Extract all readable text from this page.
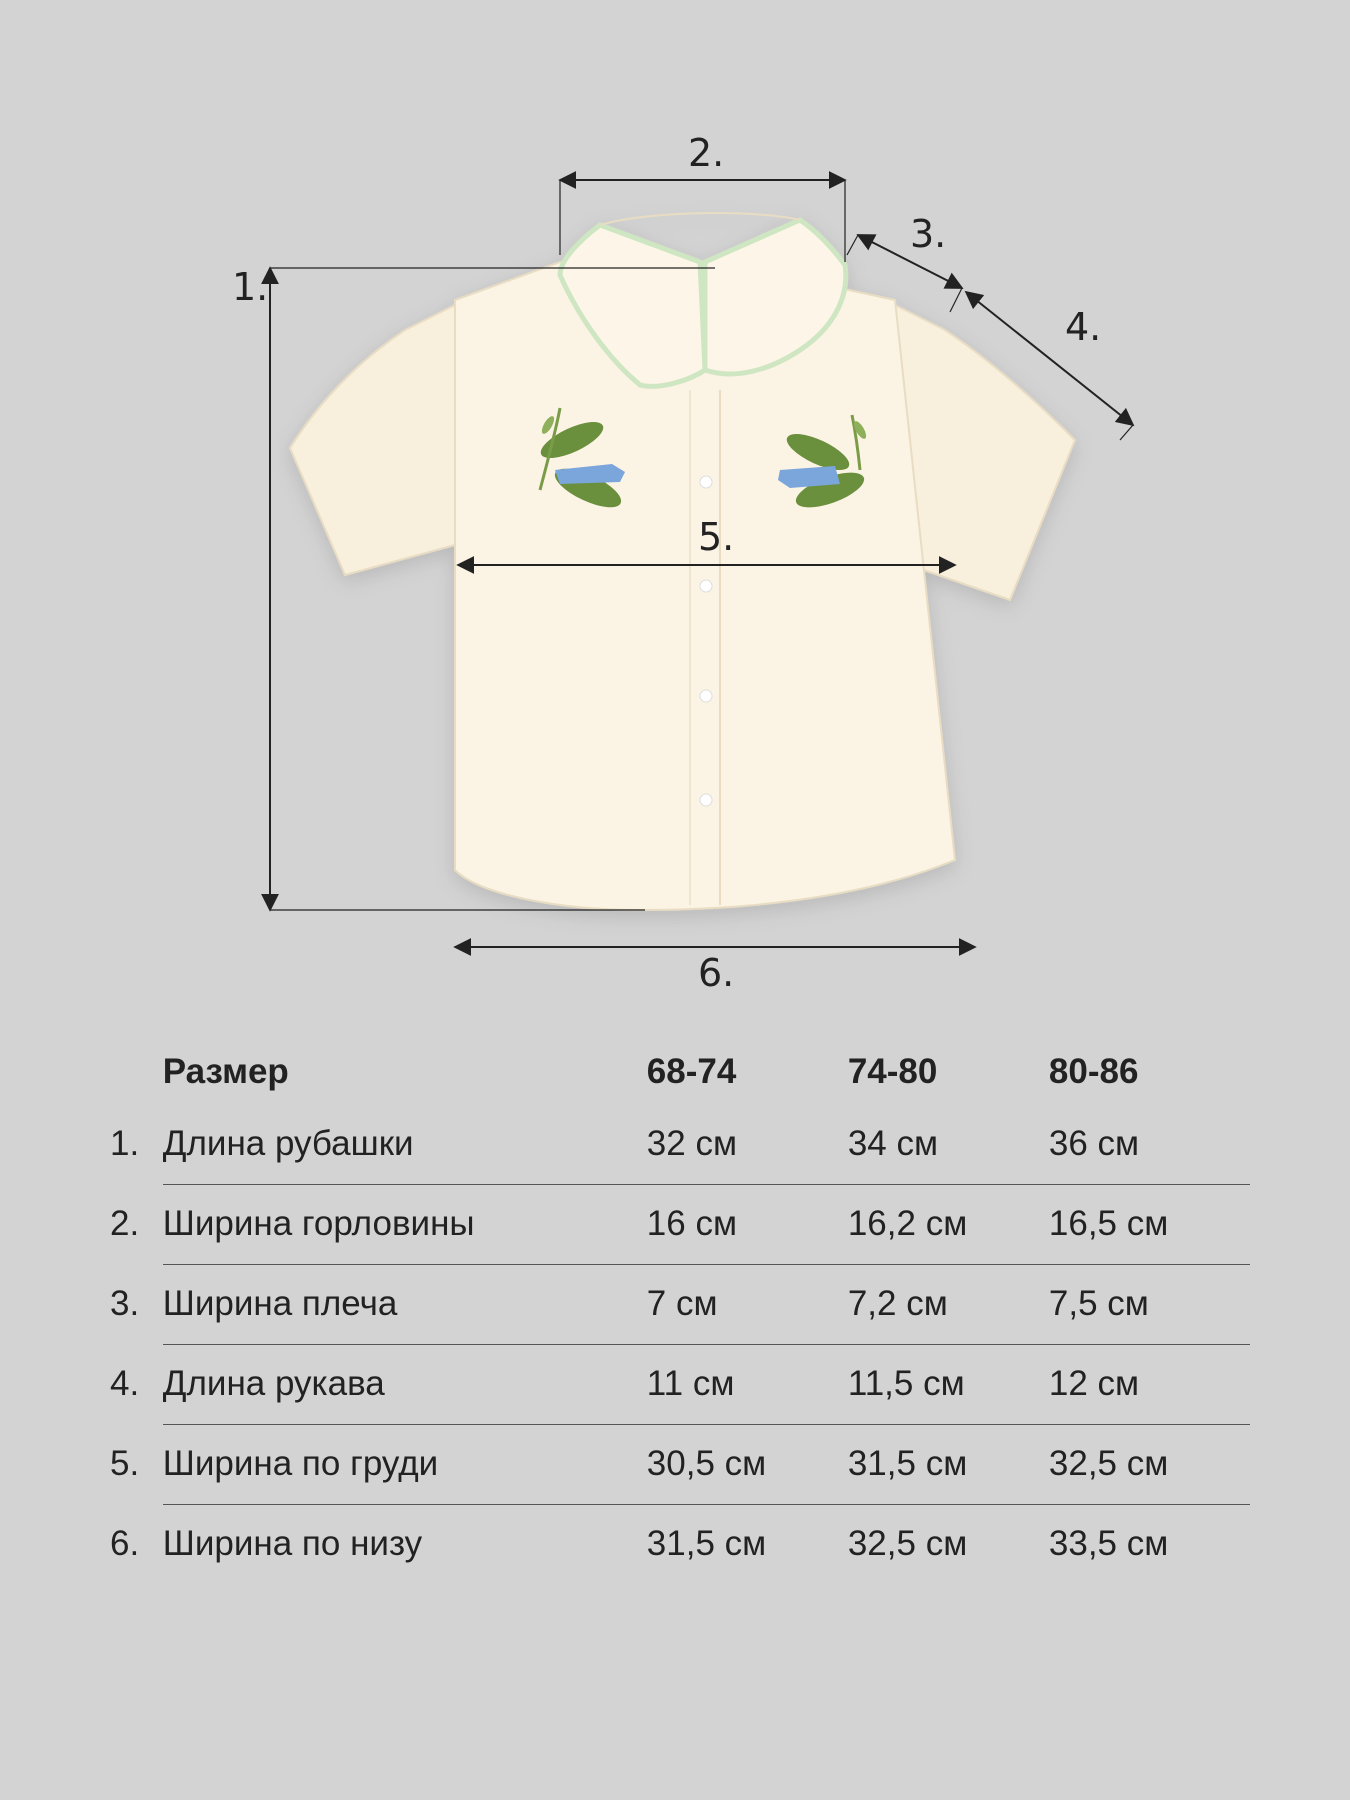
1.
2.
3.
4.
5.
6.
	Размер	68-74	74-80	80-86
1.	Длина рубашки	32 см	34 см	36 см
2.	Ширина горловины	16 см	16,2 см	16,5 см
3.	Ширина плеча	7 см	7,2 см	7,5 см
4.	Длина рукава	11 см	11,5 см	12 см
5.	Ширина по груди	30,5 см	31,5 см	32,5 см
6.	Ширина по низу	31,5 см	32,5 см	33,5 см
